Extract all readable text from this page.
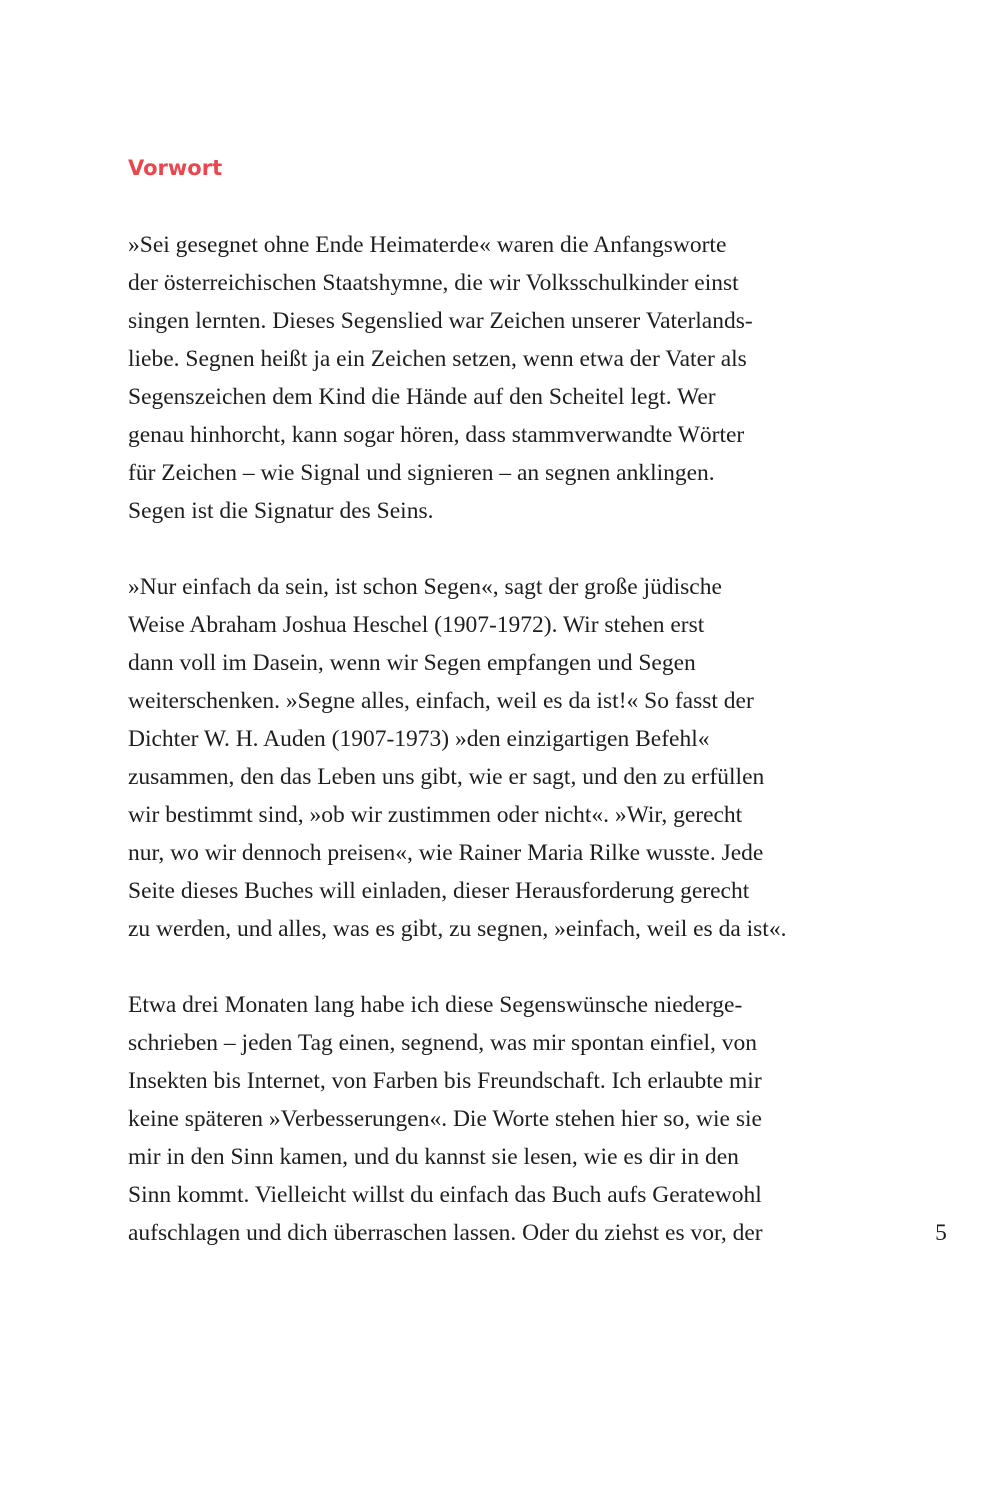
Vorwort

»Sei gesegnet ohne Ende Heimaterde« waren die Anfangsworte
der österreichischen Staatshymne, die wir Volksschulkinder einst
singen lernten. Dieses Segenslied war Zeichen unserer Vaterlands-
liebe. Segnen heißt ja ein Zeichen setzen, wenn etwa der Vater als
Segenszeichen dem Kind die Hände auf den Scheitel legt. Wer
genau hinhorcht, kann sogar hören, dass stammverwandte Wörter
für Zeichen – wie Signal und signieren – an segnen anklingen.
Segen ist die Signatur des Seins.

»Nur einfach da sein, ist schon Segen«, sagt der große jüdische
Weise Abraham Joshua Heschel (1907-1972). Wir stehen erst
dann voll im Dasein, wenn wir Segen empfangen und Segen
weiterschenken. »Segne alles, einfach, weil es da ist!« So fasst der
Dichter W. H. Auden (1907-1973) »den einzigartigen Befehl«
zusammen, den das Leben uns gibt, wie er sagt, und den zu erfüllen
wir bestimmt sind, »ob wir zustimmen oder nicht«. »Wir, gerecht
nur, wo wir dennoch preisen«, wie Rainer Maria Rilke wusste. Jede
Seite dieses Buches will einladen, dieser Herausforderung gerecht
zu werden, und alles, was es gibt, zu segnen, »einfach, weil es da ist«.

Etwa drei Monaten lang habe ich diese Segenswünsche niederge-
schrieben – jeden Tag einen, segnend, was mir spontan einfiel, von
Insekten bis Internet, von Farben bis Freundschaft. Ich erlaubte mir
keine späteren »Verbesserungen«. Die Worte stehen hier so, wie sie
mir in den Sinn kamen, und du kannst sie lesen, wie es dir in den
Sinn kommt. Vielleicht willst du einfach das Buch aufs Geratewohl
aufschlagen und dich überraschen lassen. Oder du ziehst es vor, der	5
